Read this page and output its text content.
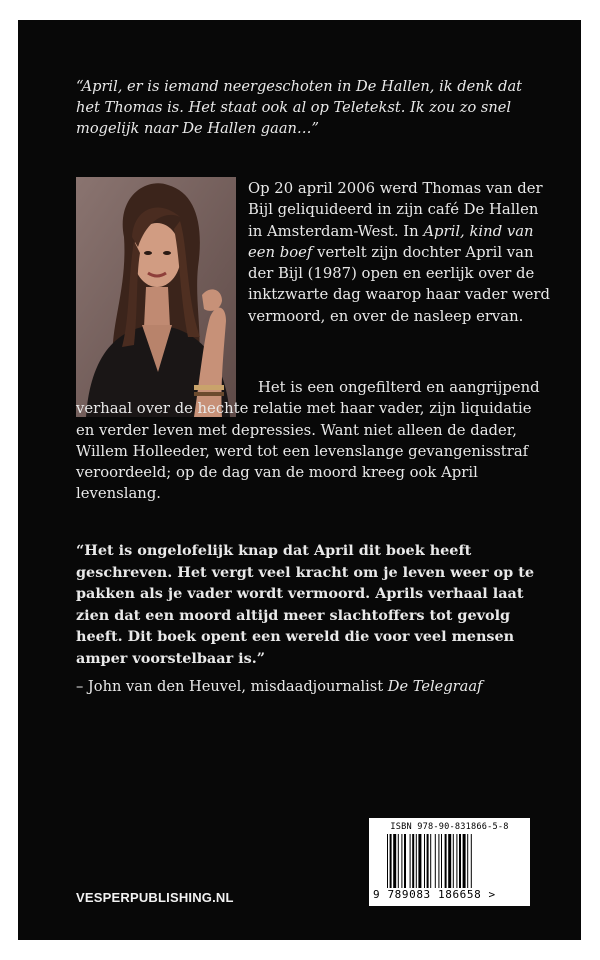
“April, er is iemand neergeschoten in De Hallen, ik denk dat het Thomas is. Het staat ook al op Teletekst. Ik zou zo snel mogelijk naar De Hallen gaan…”

Op 20 april 2006 werd Thomas van der Bijl geliquideerd in zijn café De Hallen in Amsterdam-West. In April, kind van een boef vertelt zijn dochter April van der Bijl (1987) open en eerlijk over de inktzwarte dag waarop haar vader werd vermoord, en over de nasleep ervan.

Het is een ongefilterd en aangrijpend verhaal over de hechte relatie met haar vader, zijn liquidatie en verder leven met depressies. Want niet alleen de dader, Willem Holleeder, werd tot een levenslange gevangenisstraf veroordeeld; op de dag van de moord kreeg ook April levenslang.

“Het is ongelofelijk knap dat April dit boek heeft geschreven. Het vergt veel kracht om je leven weer op te pakken als je vader wordt vermoord. Aprils verhaal laat zien dat een moord altijd meer slachtoffers tot gevolg heeft. Dit boek opent een wereld die voor veel mensen amper voorstelbaar is.”

– John van den Heuvel, misdaadjournalist De Telegraaf

VESPERPUBLISHING.NL
ISBN 978-90-831866-5-8
9 789083 186658 >
